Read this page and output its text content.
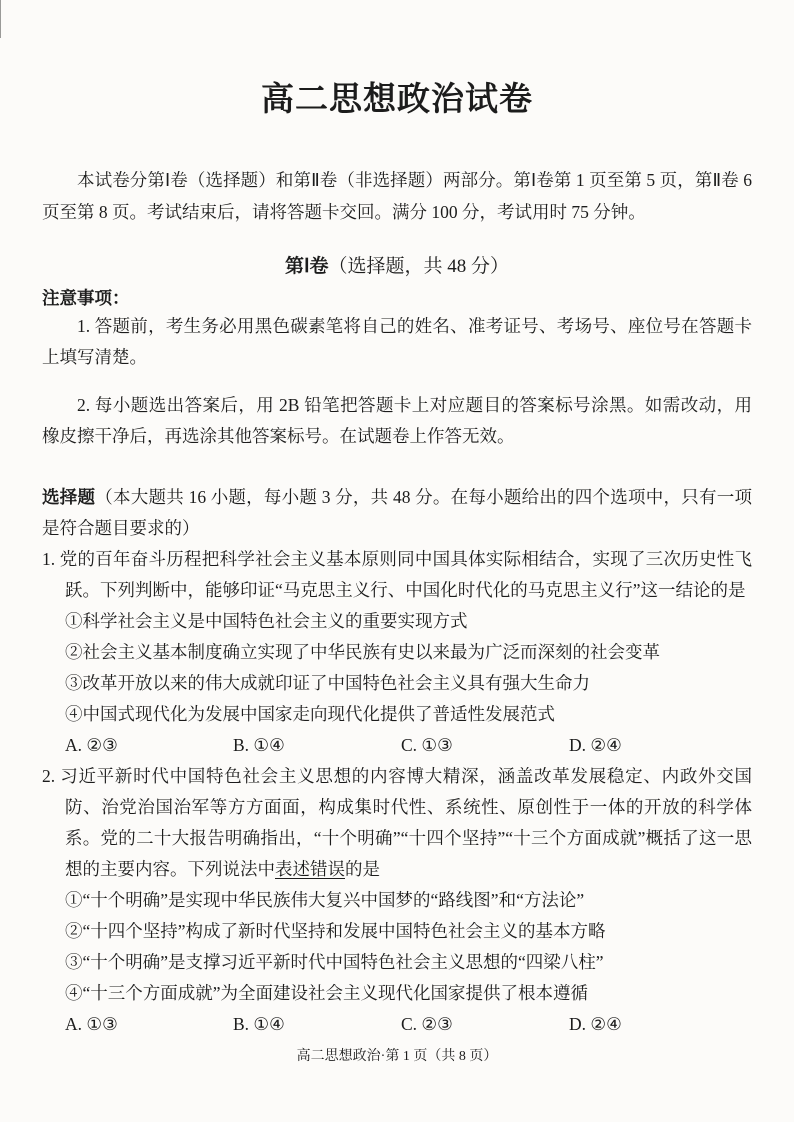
高二思想政治试卷

本试卷分第Ⅰ卷（选择题）和第Ⅱ卷（非选择题）两部分。第Ⅰ卷第 1 页至第 5 页，第Ⅱ卷 6 页至第 8 页。考试结束后，请将答题卡交回。满分 100 分，考试用时 75 分钟。

第Ⅰ卷（选择题，共 48 分）
注意事项：

1. 答题前，考生务必用黑色碳素笔将自己的姓名、准考证号、考场号、座位号在答题卡上填写清楚。

2. 每小题选出答案后，用 2B 铅笔把答题卡上对应题目的答案标号涂黑。如需改动，用橡皮擦干净后，再选涂其他答案标号。在试题卷上作答无效。

选择题（本大题共 16 小题，每小题 3 分，共 48 分。在每小题给出的四个选项中，只有一项是符合题目要求的）

1.  党的百年奋斗历程把科学社会主义基本原则同中国具体实际相结合，实现了三次历史性飞跃。下列判断中，能够印证“马克思主义行、中国化时代化的马克思主义行”这一结论的是

①科学社会主义是中国特色社会主义的重要实现方式
②社会主义基本制度确立实现了中华民族有史以来最为广泛而深刻的社会变革
③改革开放以来的伟大成就印证了中国特色社会主义具有强大生命力
④中国式现代化为发展中国家走向现代化提供了普适性发展范式
A. ②③	B. ①④	C. ①③	D. ②④

2.  习近平新时代中国特色社会主义思想的内容博大精深，涵盖改革发展稳定、内政外交国防、治党治国治军等方方面面，构成集时代性、系统性、原创性于一体的开放的科学体系。党的二十大报告明确指出，“十个明确”“十四个坚持”“十三个方面成就”概括了这一思想的主要内容。下列说法中表述错误的是

①“十个明确”是实现中华民族伟大复兴中国梦的“路线图”和“方法论”
②“十四个坚持”构成了新时代坚持和发展中国特色社会主义的基本方略
③“十个明确”是支撑习近平新时代中国特色社会主义思想的“四梁八柱”
④“十三个方面成就”为全面建设社会主义现代化国家提供了根本遵循
A. ①③	B. ①④	C. ②③	D. ②④
高二思想政治·第 1 页（共 8 页）
